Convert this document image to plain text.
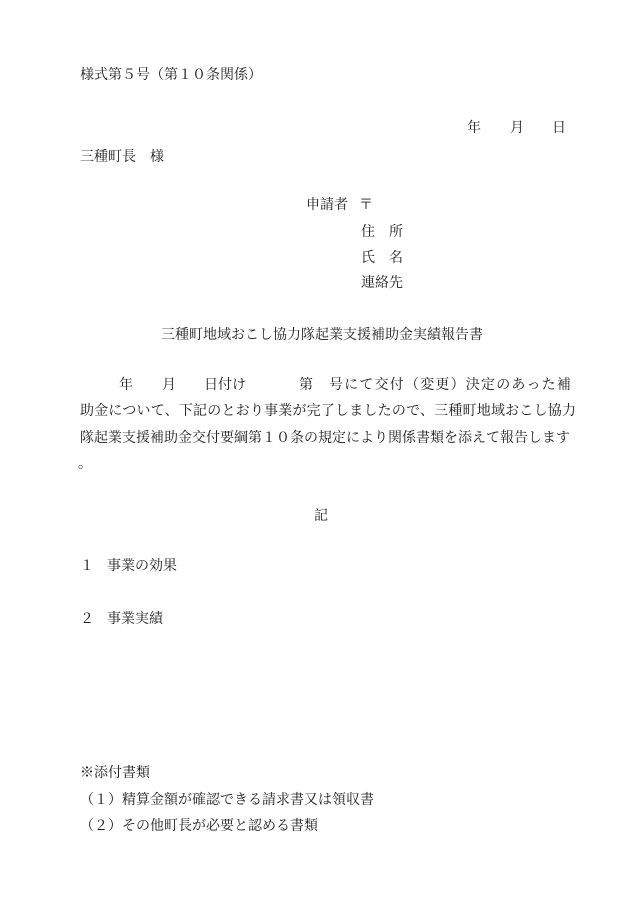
様式第５号（第１０条関係）
年 月 日
三種町長　様
申請者 〒
住　所
氏　名
連絡先
三種町地域おこし協力隊起業支援補助金実績報告書
年 月 日付け	第 号にて交付（変更）決定のあった補
助金について、下記のとおり事業が完了しましたので、三種町地域おこし協力
隊起業支援補助金交付要綱第１０条の規定により関係書類を添えて報告します
。
記
１ 事業の効果
２ 事業実績
※添付書類
（１）精算金額が確認できる請求書又は領収書
（２）その他町長が必要と認める書類
